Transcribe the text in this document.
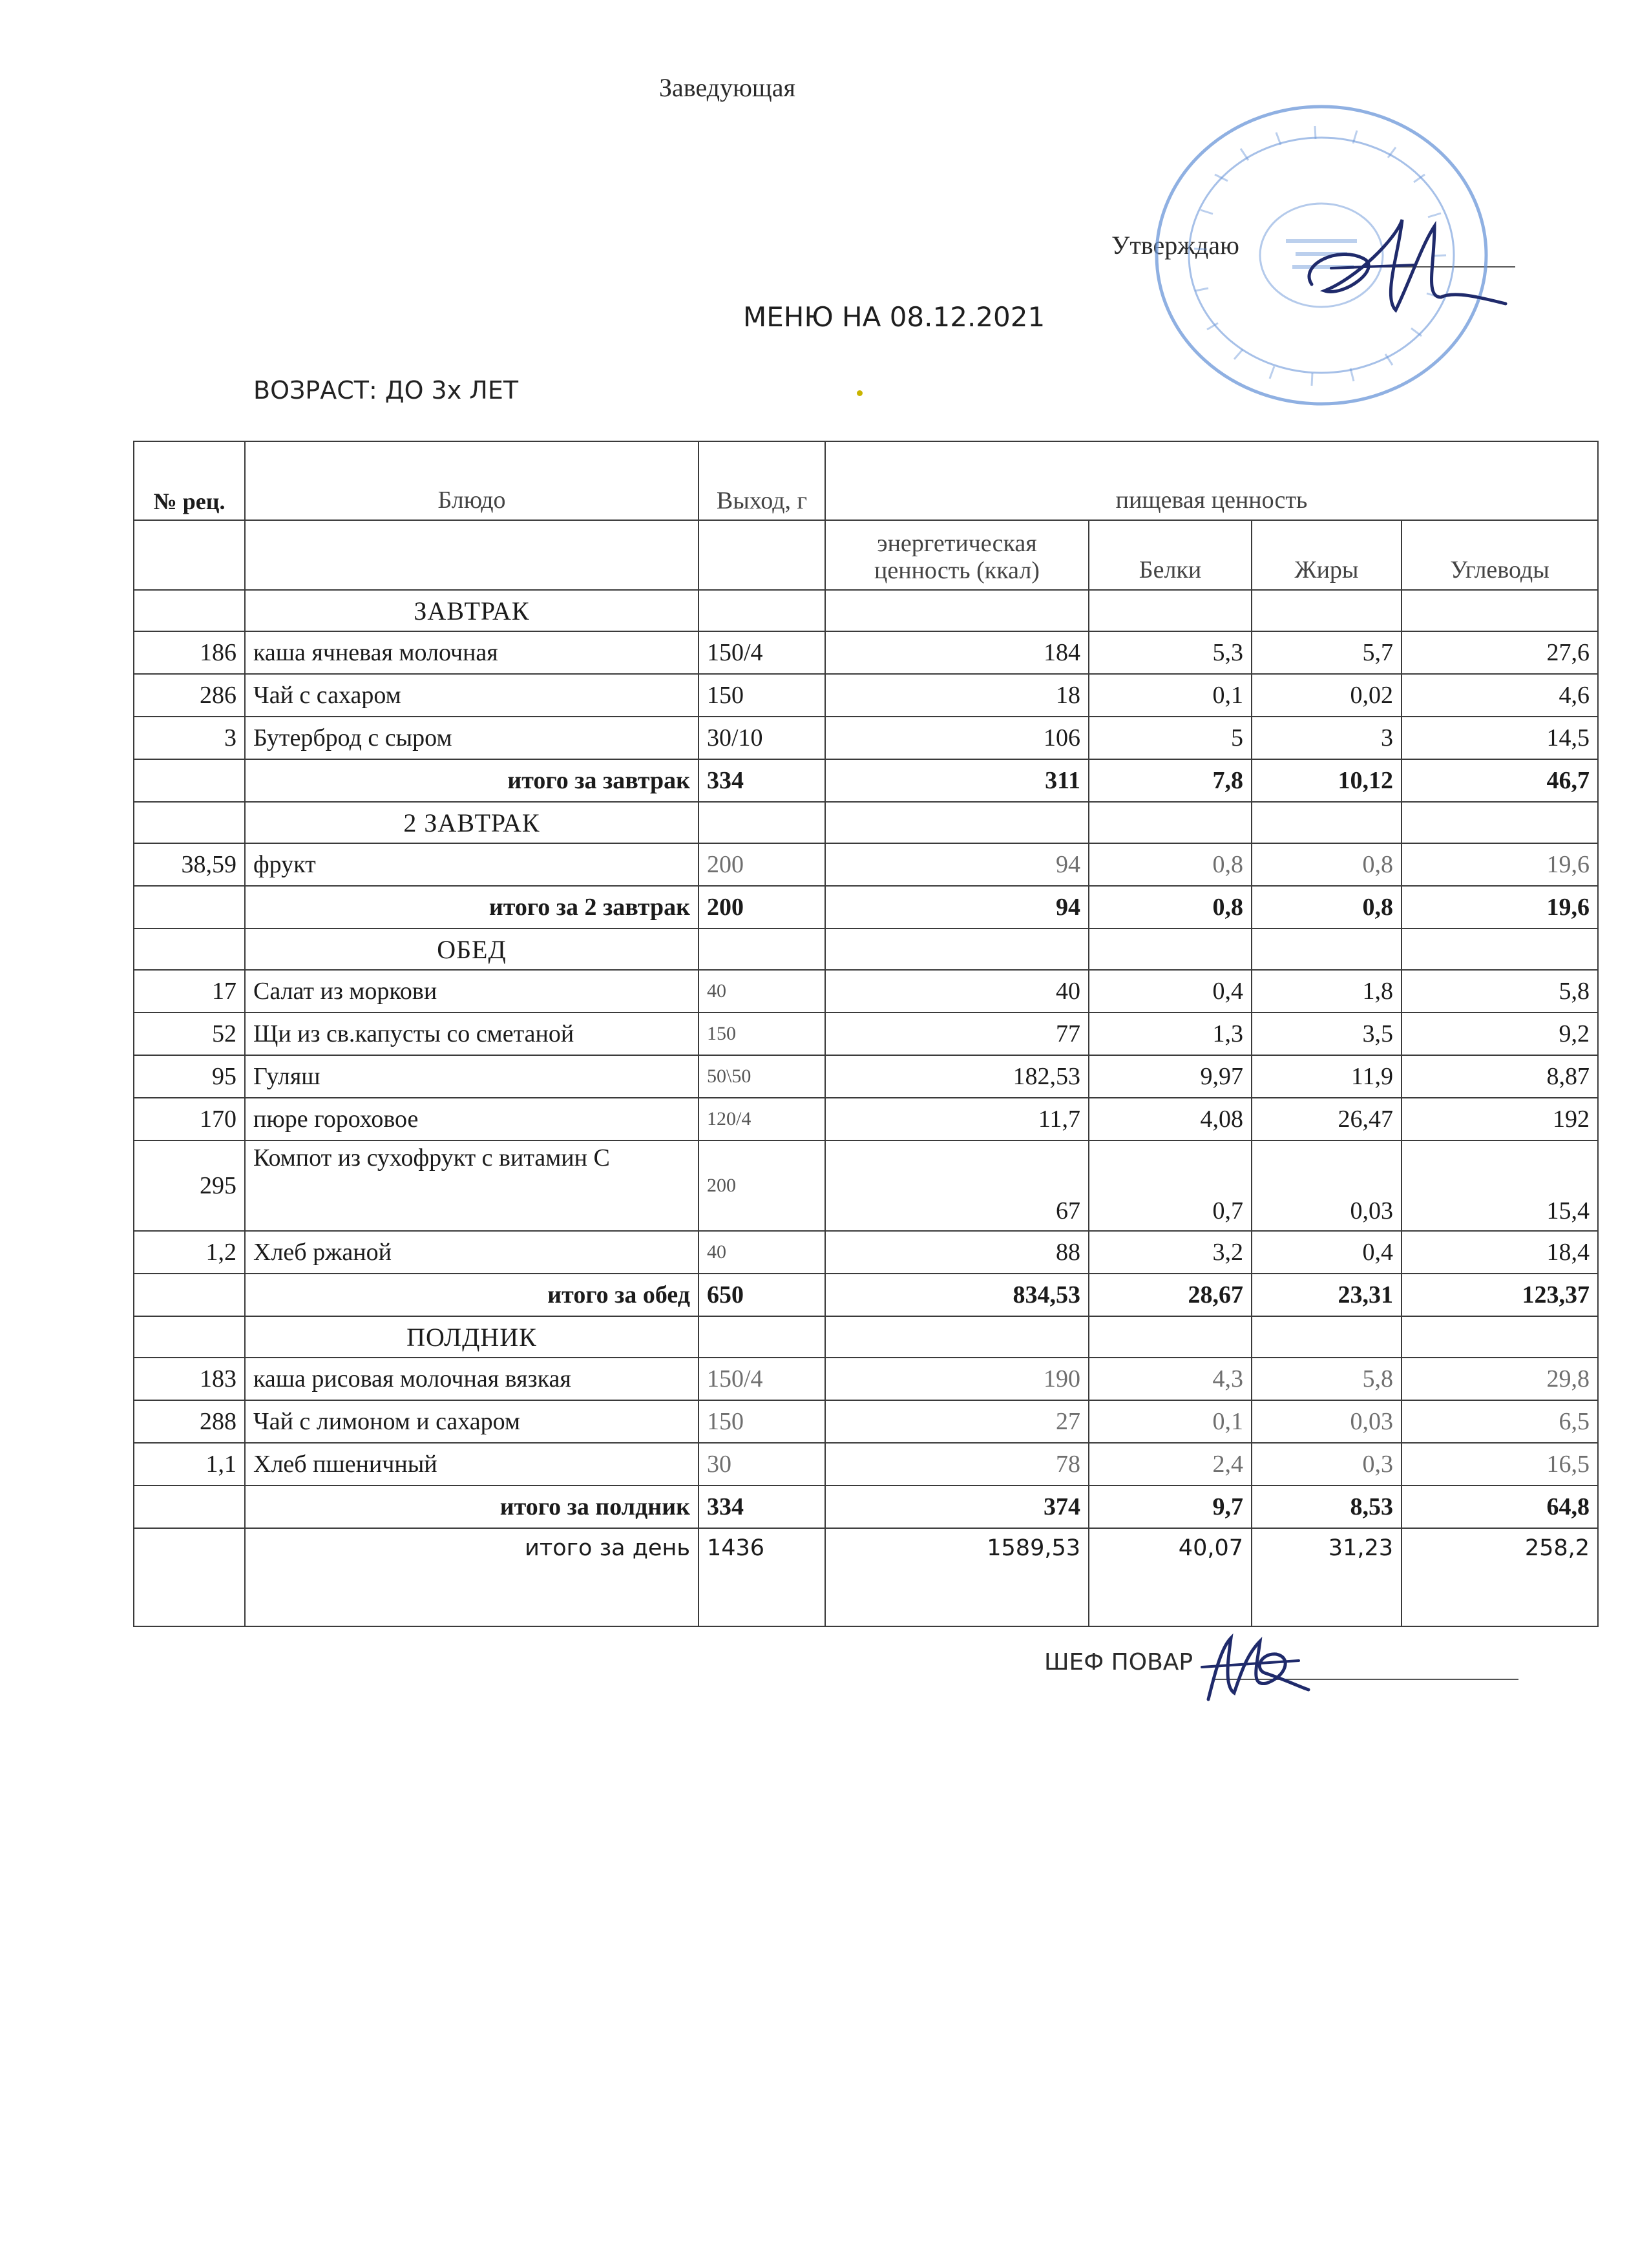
Заведующая
Утверждаю
МЕНЮ НА 08.12.2021
ВОЗРАСТ: ДО 3х ЛЕТ
№ рец.	Блюдо	Выход, г	пищевая ценность			
			энергетическая ценность (ккал)	Белки	Жиры	Углеводы
	ЗАВТРАК					
186	каша ячневая молочная	150/4	184	5,3	5,7	27,6
286	Чай с сахаром	150	18	0,1	0,02	4,6
3	Бутерброд с сыром	30/10	106	5	3	14,5
	итого за завтрак	334	311	7,8	10,12	46,7
	2 ЗАВТРАК					
38,59	фрукт	200	94	0,8	0,8	19,6
	итого за 2 завтрак	200	94	0,8	0,8	19,6
	ОБЕД					
17	Салат из моркови	40	40	0,4	1,8	5,8
52	Щи из св.капусты со сметаной	150	77	1,3	3,5	9,2
95	Гуляш	50\50	182,53	9,97	11,9	8,87
170	пюре гороховое	120/4	11,7	4,08	26,47	192
295	Компот из сухофрукт с витамин С	200	67	0,7	0,03	15,4
1,2	Хлеб ржаной	40	88	3,2	0,4	18,4
	итого за обед	650	834,53	28,67	23,31	123,37
	ПОЛДНИК					
183	каша рисовая молочная вязкая	150/4	190	4,3	5,8	29,8
288	Чай с лимоном и сахаром	150	27	0,1	0,03	6,5
1,1	Хлеб пшеничный	30	78	2,4	0,3	16,5
	итого за полдник	334	374	9,7	8,53	64,8
	итого за день	1436	1589,53	40,07	31,23	258,2
ШЕФ ПОВАР
